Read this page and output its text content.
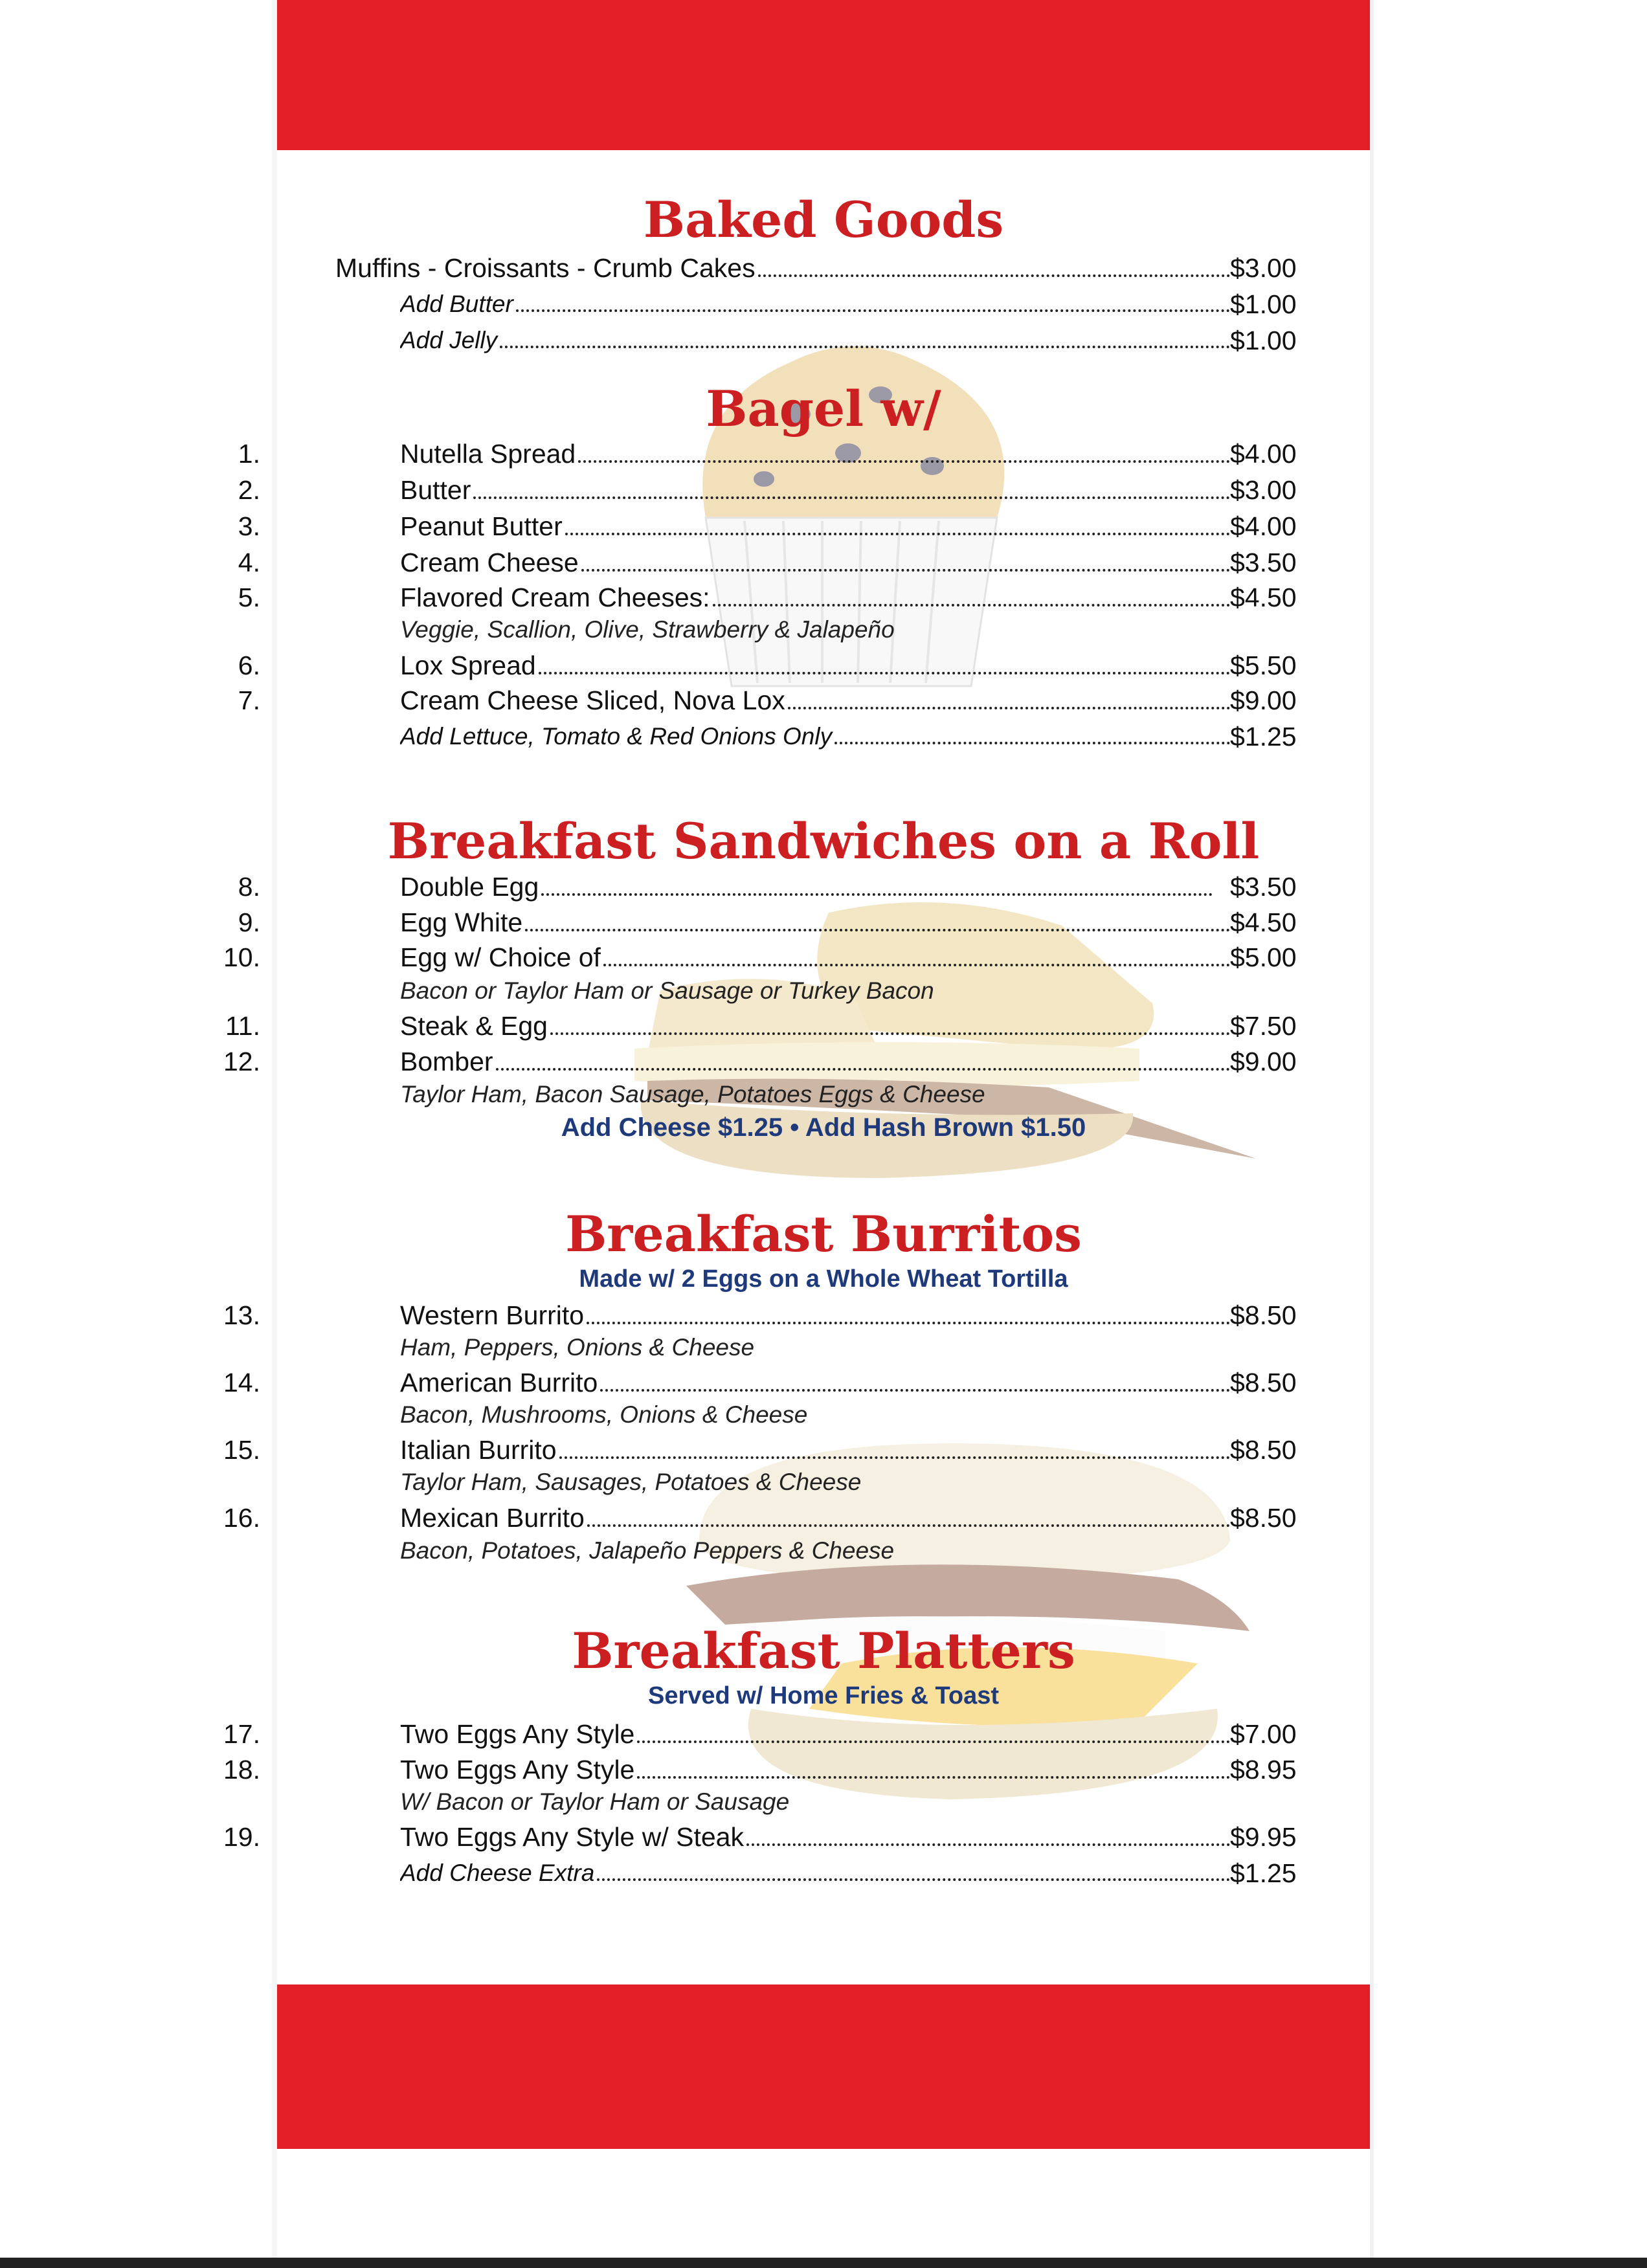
Baked Goods
Muffins - Croissants - Crumb Cakes	$3.00
Add Butter	$1.00
Add Jelly	$1.00
Bagel w/
1.	Nutella Spread	$4.00
2.	Butter	$3.00
3.	Peanut Butter	$4.00
4.	Cream Cheese	$3.50
5.	Flavored Cream Cheeses:	$4.50
Veggie, Scallion, Olive, Strawberry & Jalapeño
6.	Lox Spread	$5.50
7.	Cream Cheese Sliced, Nova Lox	$9.00
Add Lettuce, Tomato & Red Onions Only	$1.25
Breakfast Sandwiches on a Roll
8.	Double Egg	$3.50
9.	Egg White	$4.50
10.	Egg w/ Choice of	$5.00
Bacon or Taylor Ham or Sausage or Turkey Bacon
11.	Steak & Egg	$7.50
12.	Bomber	$9.00
Taylor Ham, Bacon Sausage, Potatoes Eggs & Cheese
Add Cheese $1.25 • Add Hash Brown $1.50
Breakfast Burritos
Made w/ 2 Eggs on a Whole Wheat Tortilla
13.	Western Burrito	$8.50
Ham, Peppers, Onions & Cheese
14.	American Burrito	$8.50
Bacon, Mushrooms, Onions & Cheese
15.	Italian Burrito	$8.50
Taylor Ham, Sausages, Potatoes & Cheese
16.	Mexican Burrito	$8.50
Bacon, Potatoes, Jalapeño Peppers & Cheese
Breakfast Platters
Served w/ Home Fries & Toast
17.	Two Eggs Any Style	$7.00
18.	Two Eggs Any Style	$8.95
W/ Bacon or Taylor Ham or Sausage
19.	Two Eggs Any Style w/ Steak	$9.95
Add Cheese Extra	$1.25
